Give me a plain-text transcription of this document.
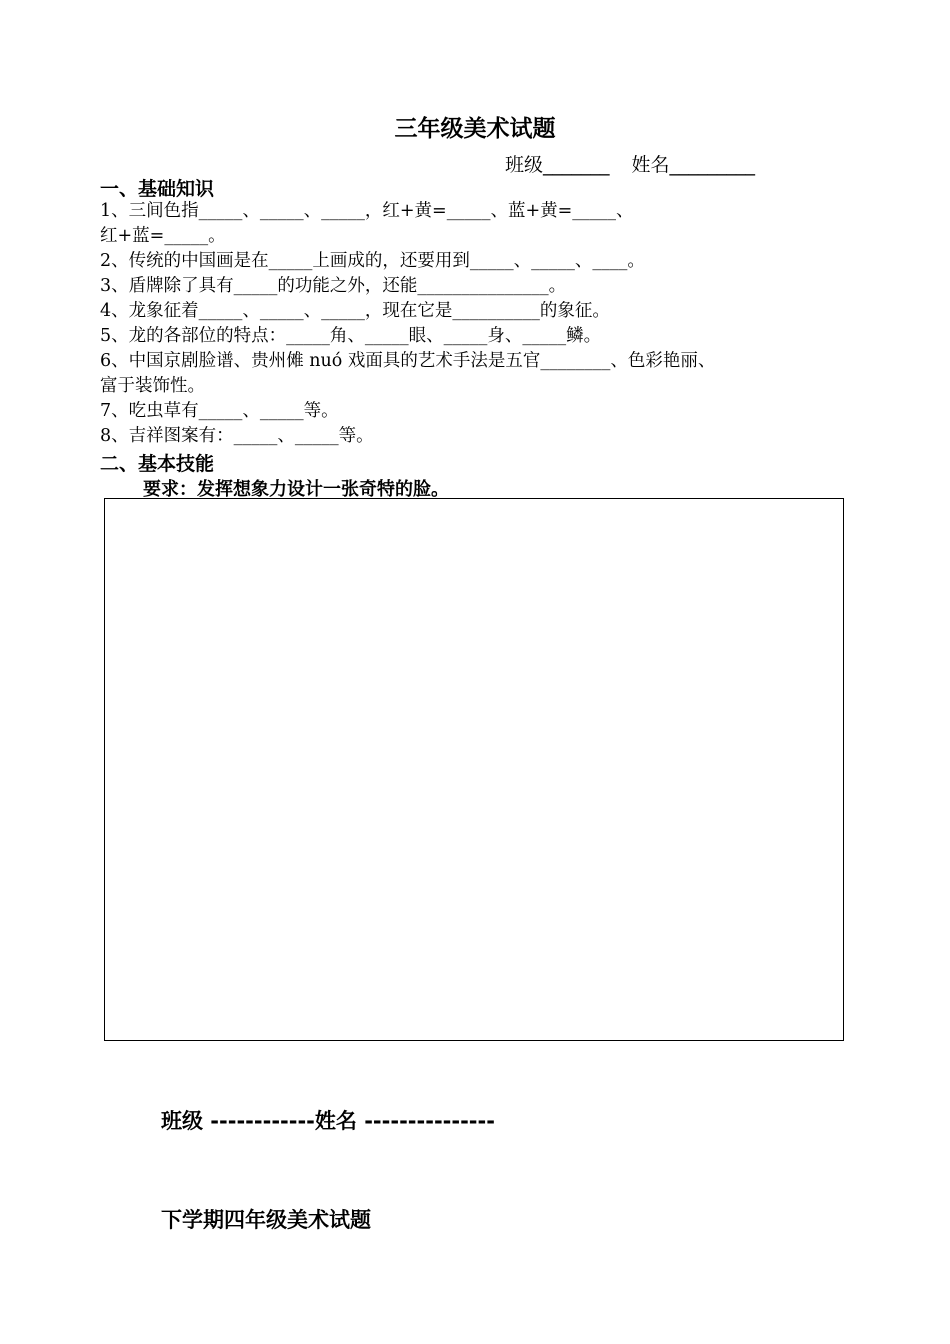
三年级美术试题
班级_______ 姓名_________
一、基础知识
1、三间色指_____、_____、_____，红+黄=_____、蓝+黄=_____、
红+蓝=_____。
2、传统的中国画是在_____上画成的，还要用到_____、_____、____。
3、盾牌除了具有_____的功能之外，还能_______________。
4、龙象征着_____、_____、_____，现在它是__________的象征。
5、龙的各部位的特点：_____角、_____眼、_____身、_____鳞。
6、中国京剧脸谱、贵州傩 nuó 戏面具的艺术手法是五官________、色彩艳丽、
富于装饰性。
7、吃虫草有_____、_____等。
8、吉祥图案有：_____、_____等。
二、基本技能
要求：发挥想象力设计一张奇特的脸。
班级 ------------姓名 ---------------
下学期四年级美术试题
